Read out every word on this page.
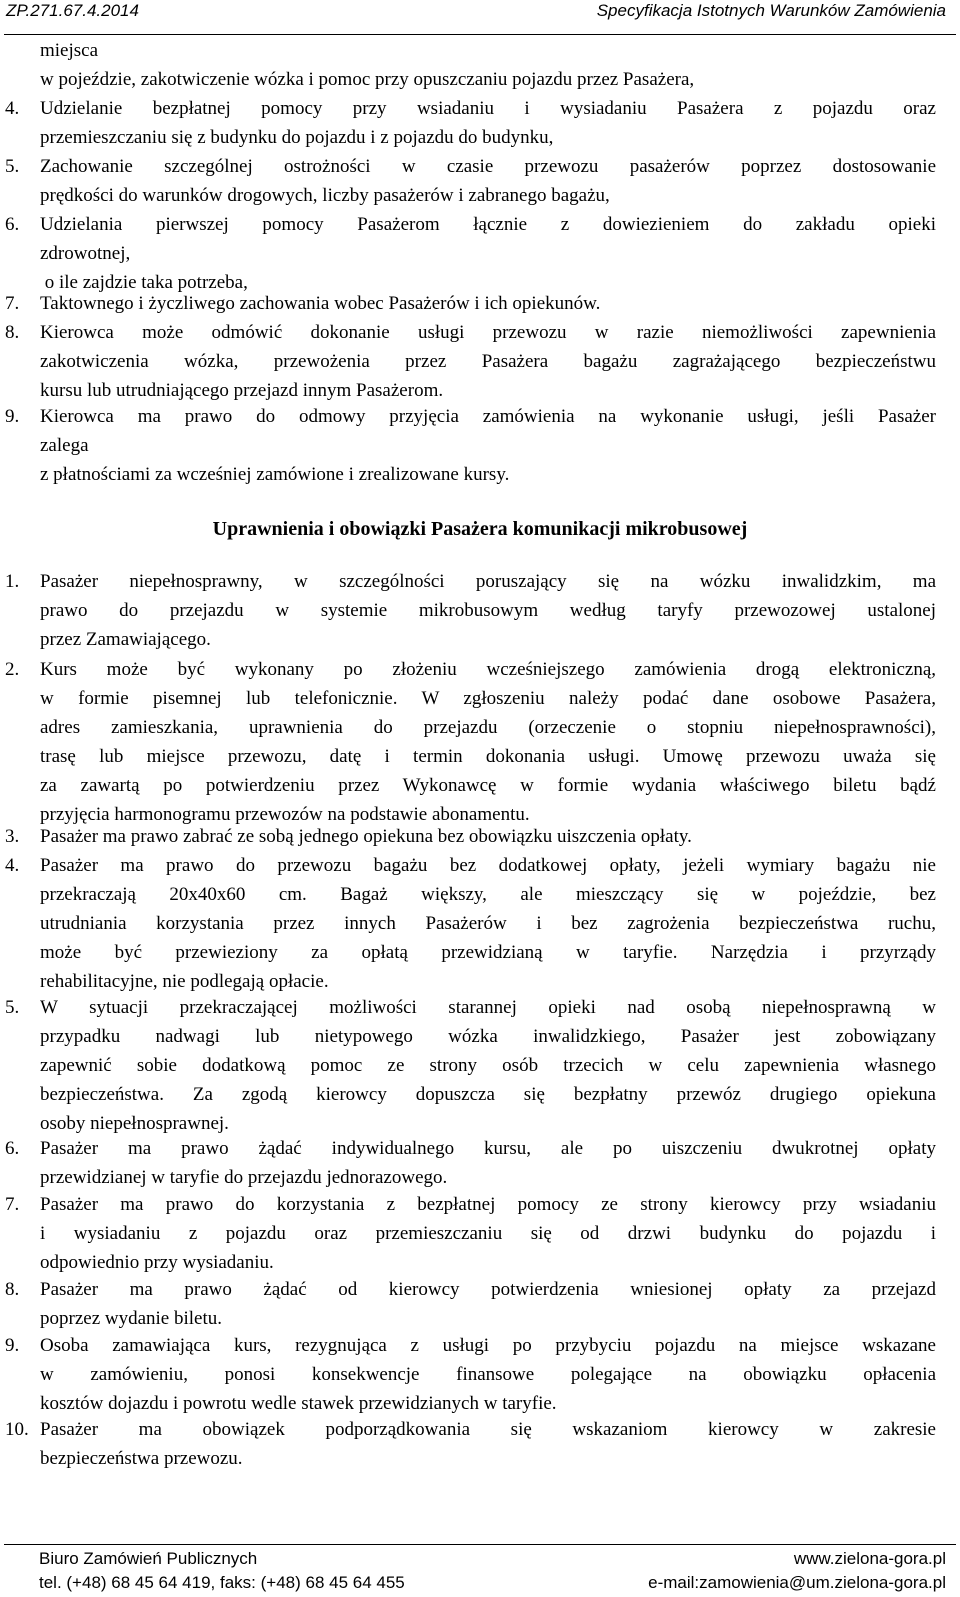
ZP.271.67.4.2014	Specyfikacja Istotnych Warunków Zamówienia
miejsca
w pojeździe, zakotwiczenie wózka i pomoc przy opuszczaniu pojazdu przez Pasażera,
4. Udzielanie bezpłatnej pomocy przy wsiadaniu i wysiadaniu Pasażera z pojazdu oraz
przemieszczaniu się z budynku do pojazdu i z pojazdu do budynku,
5. Zachowanie szczególnej ostrożności w czasie przewozu pasażerów poprzez dostosowanie
prędkości do warunków drogowych, liczby pasażerów i zabranego bagażu,
6. Udzielania pierwszej pomocy Pasażerom łącznie z dowiezieniem do zakładu opieki
zdrowotnej,
o ile zajdzie taka potrzeba,
7. Taktownego i życzliwego zachowania wobec Pasażerów i ich opiekunów.
8. Kierowca może odmówić dokonanie usługi przewozu w razie niemożliwości zapewnienia
zakotwiczenia wózka, przewożenia przez Pasażera bagażu zagrażającego bezpieczeństwu
kursu lub utrudniającego przejazd innym Pasażerom.
9. Kierowca ma prawo do odmowy przyjęcia zamówienia na wykonanie usługi, jeśli Pasażer
zalega
z płatnościami za wcześniej zamówione i zrealizowane kursy.
Uprawnienia i obowiązki Pasażera komunikacji mikrobusowej
1. Pasażer niepełnosprawny, w szczególności poruszający się na wózku inwalidzkim, ma
prawo do przejazdu w systemie mikrobusowym według taryfy przewozowej ustalonej
przez Zamawiającego.
2. Kurs może być wykonany po złożeniu wcześniejszego zamówienia drogą elektroniczną,
w formie pisemnej lub telefonicznie. W zgłoszeniu należy podać dane osobowe Pasażera,
adres zamieszkania, uprawnienia do przejazdu (orzeczenie o stopniu niepełnosprawności),
trasę lub miejsce przewozu, datę i termin dokonania usługi. Umowę przewozu uważa się
za zawartą po potwierdzeniu przez Wykonawcę w formie wydania właściwego biletu bądź
przyjęcia harmonogramu przewozów na podstawie abonamentu.
3. Pasażer ma prawo zabrać ze sobą jednego opiekuna bez obowiązku uiszczenia opłaty.
4. Pasażer ma prawo do przewozu bagażu bez dodatkowej opłaty, jeżeli wymiary bagażu nie
przekraczają 20x40x60 cm. Bagaż większy, ale mieszczący się w pojeździe, bez
utrudniania korzystania przez innych Pasażerów i bez zagrożenia bezpieczeństwa ruchu,
może być przewieziony za opłatą przewidzianą w taryfie. Narzędzia i przyrządy
rehabilitacyjne, nie podlegają opłacie.
5. W sytuacji przekraczającej możliwości starannej opieki nad osobą niepełnosprawną w
przypadku nadwagi lub nietypowego wózka inwalidzkiego, Pasażer jest zobowiązany
zapewnić sobie dodatkową pomoc ze strony osób trzecich w celu zapewnienia własnego
bezpieczeństwa. Za zgodą kierowcy dopuszcza się bezpłatny przewóz drugiego opiekuna
osoby niepełnosprawnej.
6. Pasażer ma prawo żądać indywidualnego kursu, ale po uiszczeniu dwukrotnej opłaty
przewidzianej w taryfie do przejazdu jednorazowego.
7. Pasażer ma prawo do korzystania z bezpłatnej pomocy ze strony kierowcy przy wsiadaniu
i wysiadaniu z pojazdu oraz przemieszczaniu się od drzwi budynku do pojazdu i
odpowiednio przy wysiadaniu.
8. Pasażer ma prawo żądać od kierowcy potwierdzenia wniesionej opłaty za przejazd
poprzez wydanie biletu.
9. Osoba zamawiająca kurs, rezygnująca z usługi po przybyciu pojazdu na miejsce wskazane
w zamówieniu, ponosi konsekwencje finansowe polegające na obowiązku opłacenia
kosztów dojazdu i powrotu wedle stawek przewidzianych w taryfie.
10. Pasażer ma obowiązek podporządkowania się wskazaniom kierowcy w zakresie
bezpieczeństwa przewozu.
Biuro Zamówień Publicznych
tel. (+48) 68 45 64 419, faks: (+48) 68 45 64 455
www.zielona-gora.pl
e-mail:zamowienia@um.zielona-gora.pl
